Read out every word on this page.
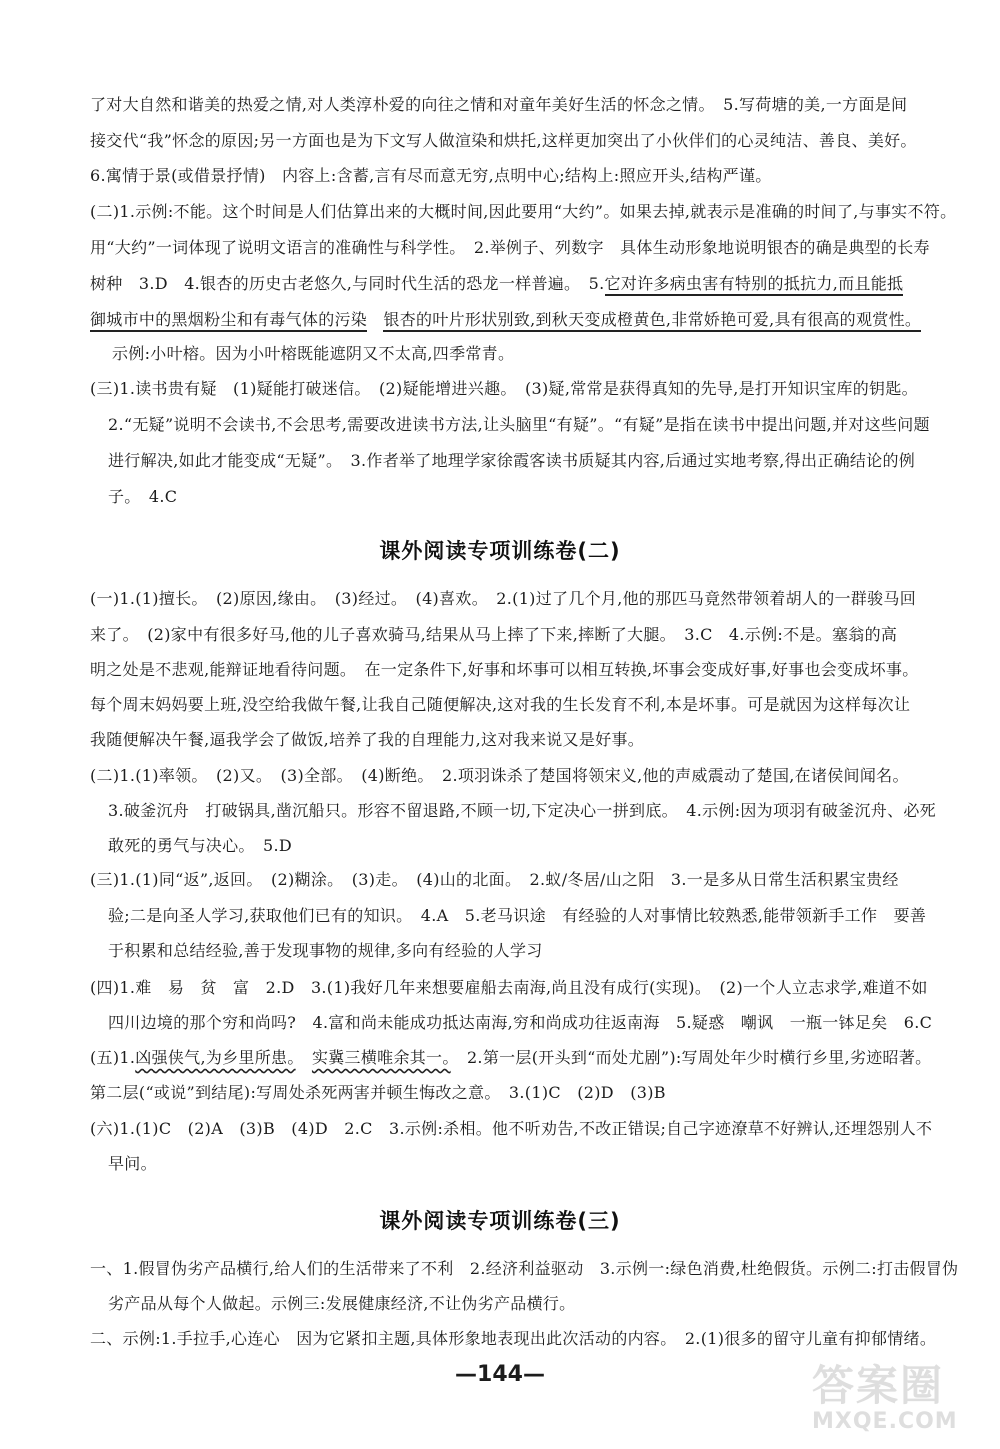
了对大自然和谐美的热爱之情,对人类淳朴爱的向往之情和对童年美好生活的怀念之情。　5.写荷塘的美,一方面是间
接交代“我”怀念的原因;另一方面也是为下文写人做渲染和烘托,这样更加突出了小伙伴们的心灵纯洁、善良、美好。
6.寓情于景(或借景抒情)　内容上:含蓄,言有尽而意无穷,点明中心;结构上:照应开头,结构严谨。
(二)1.示例:不能。这个时间是人们估算出来的大概时间,因此要用“大约”。如果去掉,就表示是准确的时间了,与事实不符。
用“大约”一词体现了说明文语言的准确性与科学性。　2.举例子、列数字　具体生动形象地说明银杏的确是典型的长寿
树种　3.D　4.银杏的历史古老悠久,与同时代生活的恐龙一样普遍。　5.它对许多病虫害有特别的抵抗力,而且能抵
御城市中的黑烟粉尘和有毒气体的污染　 银杏的叶片形状别致,到秋天变成橙黄色,非常娇艳可爱,具有很高的观赏性。
示例:小叶榕。因为小叶榕既能遮阴又不太高,四季常青。
(三)1.读书贵有疑　(1)疑能打破迷信。　(2)疑能增进兴趣。　(3)疑,常常是获得真知的先导,是打开知识宝库的钥匙。
2.“无疑”说明不会读书,不会思考,需要改进读书方法,让头脑里“有疑”。“有疑”是指在读书中提出问题,并对这些问题
进行解决,如此才能变成“无疑”。　3.作者举了地理学家徐霞客读书质疑其内容,后通过实地考察,得出正确结论的例
子。　4.C
课外阅读专项训练卷(二)
(一)1.(1)擅长。　(2)原因,缘由。　(3)经过。　(4)喜欢。　2.(1)过了几个月,他的那匹马竟然带领着胡人的一群骏马回
来了。　(2)家中有很多好马,他的儿子喜欢骑马,结果从马上摔了下来,摔断了大腿。　3.C　4.示例:不是。塞翁的高
明之处是不悲观,能辩证地看待问题。　在一定条件下,好事和坏事可以相互转换,坏事会变成好事,好事也会变成坏事。
每个周末妈妈要上班,没空给我做午餐,让我自己随便解决,这对我的生长发育不利,本是坏事。可是就因为这样每次让
我随便解决午餐,逼我学会了做饭,培养了我的自理能力,这对我来说又是好事。
(二)1.(1)率领。　(2)又。　(3)全部。　(4)断绝。　2.项羽诛杀了楚国将领宋义,他的声威震动了楚国,在诸侯间闻名。
3.破釜沉舟　打破锅具,凿沉船只。形容不留退路,不顾一切,下定决心一拼到底。　4.示例:因为项羽有破釜沉舟、必死
敢死的勇气与决心。　5.D
(三)1.(1)同“返”,返回。　(2)糊涂。　(3)走。　(4)山的北面。　2.蚁/冬居/山之阳　3.一是多从日常生活积累宝贵经
验;二是向圣人学习,获取他们已有的知识。　4.A　5.老马识途　有经验的人对事情比较熟悉,能带领新手工作　要善
于积累和总结经验,善于发现事物的规律,多向有经验的人学习
(四)1.难　易　贫　富　2.D　3.(1)我好几年来想要雇船去南海,尚且没有成行(实现)。　(2)一个人立志求学,难道不如
四川边境的那个穷和尚吗?　4.富和尚未能成功抵达南海,穷和尚成功往返南海　5.疑惑　嘲讽　一瓶一钵足矣　6.C
(五)1.凶强侠气,为乡里所患。　 实冀三横唯余其一。　2.第一层(开头到“而处尤剧”):写周处年少时横行乡里,劣迹昭著。
第二层(“或说”到结尾):写周处杀死两害并顿生悔改之意。　3.(1)C　(2)D　(3)B
(六)1.(1)C　(2)A　(3)B　(4)D　2.C　3.示例:杀相。他不听劝告,不改正错误;自己字迹潦草不好辨认,还埋怨别人不
早问。
课外阅读专项训练卷(三)
一、1.假冒伪劣产品横行,给人们的生活带来了不利　2.经济利益驱动　3.示例一:绿色消费,杜绝假货。示例二:打击假冒伪
劣产品从每个人做起。示例三:发展健康经济,不让伪劣产品横行。
二、示例:1.手拉手,心连心　因为它紧扣主题,具体形象地表现出此次活动的内容。　2.(1)很多的留守儿童有抑郁情绪。
—144—	答案圈
MXQE.COM
